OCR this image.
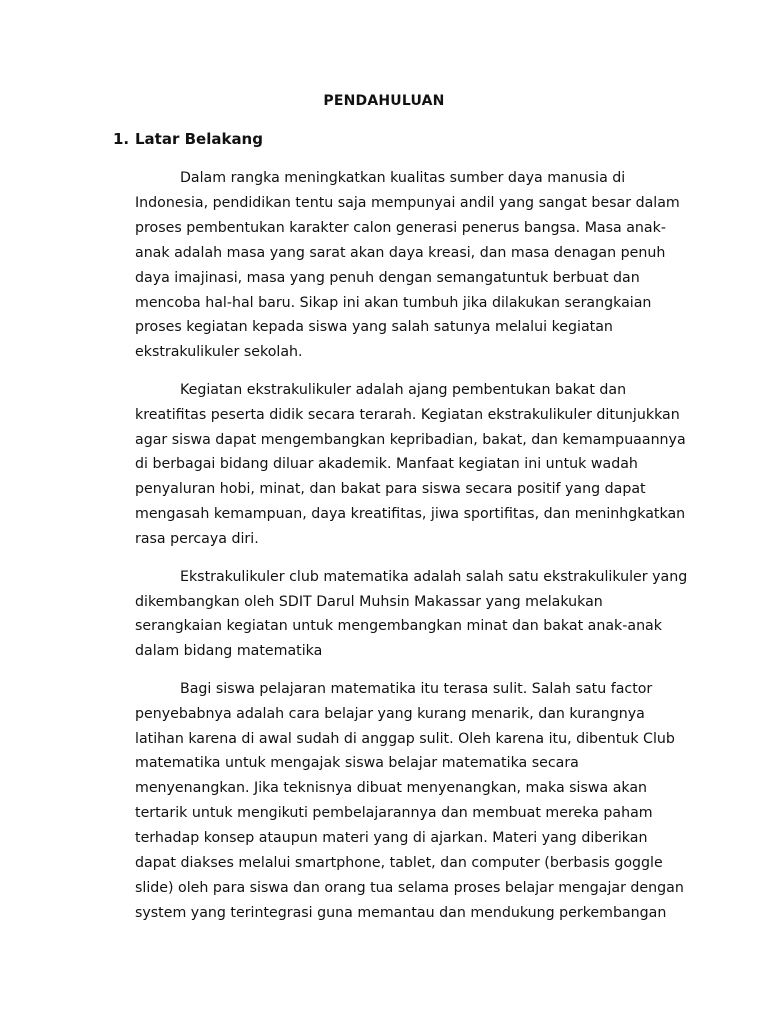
PENDAHULUAN
1. Latar Belakang

Dalam rangka meningkatkan kualitas sumber daya manusia di
Indonesia, pendidikan tentu saja mempunyai andil yang sangat besar dalam
proses pembentukan karakter calon generasi penerus bangsa. Masa anak-
anak adalah masa yang sarat akan daya kreasi, dan masa denagan penuh
daya imajinasi, masa yang penuh dengan semangatuntuk berbuat dan
mencoba hal-hal baru. Sikap ini akan tumbuh jika dilakukan serangkaian
proses kegiatan kepada siswa yang salah satunya melalui kegiatan
ekstrakulikuler sekolah.

Kegiatan ekstrakulikuler adalah ajang pembentukan bakat dan
kreatifitas peserta didik secara terarah. Kegiatan ekstrakulikuler ditunjukkan
agar siswa dapat mengembangkan kepribadian, bakat, dan kemampuaannya
di berbagai bidang diluar akademik. Manfaat kegiatan ini untuk wadah
penyaluran hobi, minat, dan bakat para siswa secara positif yang dapat
mengasah kemampuan, daya kreatifitas, jiwa sportifitas, dan meninhgkatkan
rasa percaya diri.

Ekstrakulikuler club matematika adalah salah satu ekstrakulikuler yang
dikembangkan oleh SDIT Darul Muhsin Makassar yang melakukan
serangkaian kegiatan untuk mengembangkan minat dan bakat anak-anak
dalam bidang matematika

Bagi siswa pelajaran matematika itu terasa sulit. Salah satu factor
penyebabnya adalah cara belajar yang kurang menarik, dan kurangnya
latihan karena di awal sudah di anggap sulit. Oleh karena itu, dibentuk Club
matematika untuk mengajak siswa belajar matematika secara
menyenangkan. Jika teknisnya dibuat menyenangkan, maka siswa akan
tertarik untuk mengikuti pembelajarannya dan membuat mereka paham
terhadap konsep ataupun materi yang di ajarkan. Materi yang diberikan
dapat diakses melalui smartphone, tablet, dan computer (berbasis goggle
slide) oleh para siswa dan orang tua selama proses belajar mengajar dengan
system yang terintegrasi guna memantau dan mendukung perkembangan
